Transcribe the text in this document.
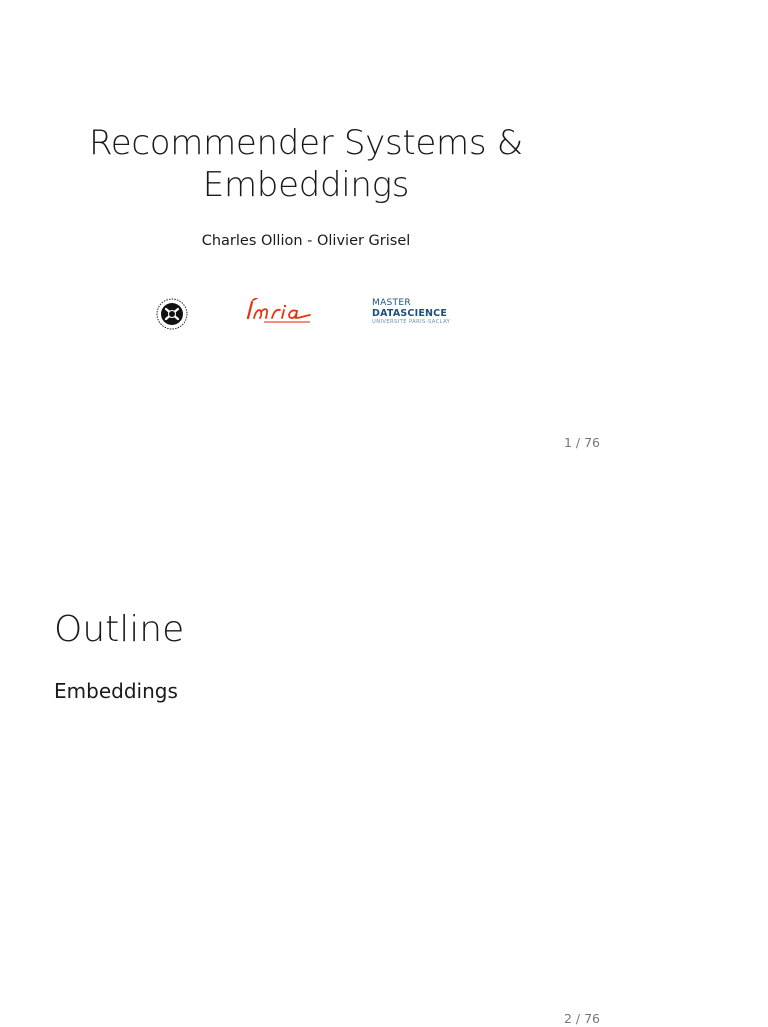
Recommender Systems &
Embeddings
Charles Ollion - Olivier Grisel
MASTER
DATASCIENCE
UNIVERSITÉ PARIS-SACLAY
1 / 76
Outline
Embeddings
2 / 76
